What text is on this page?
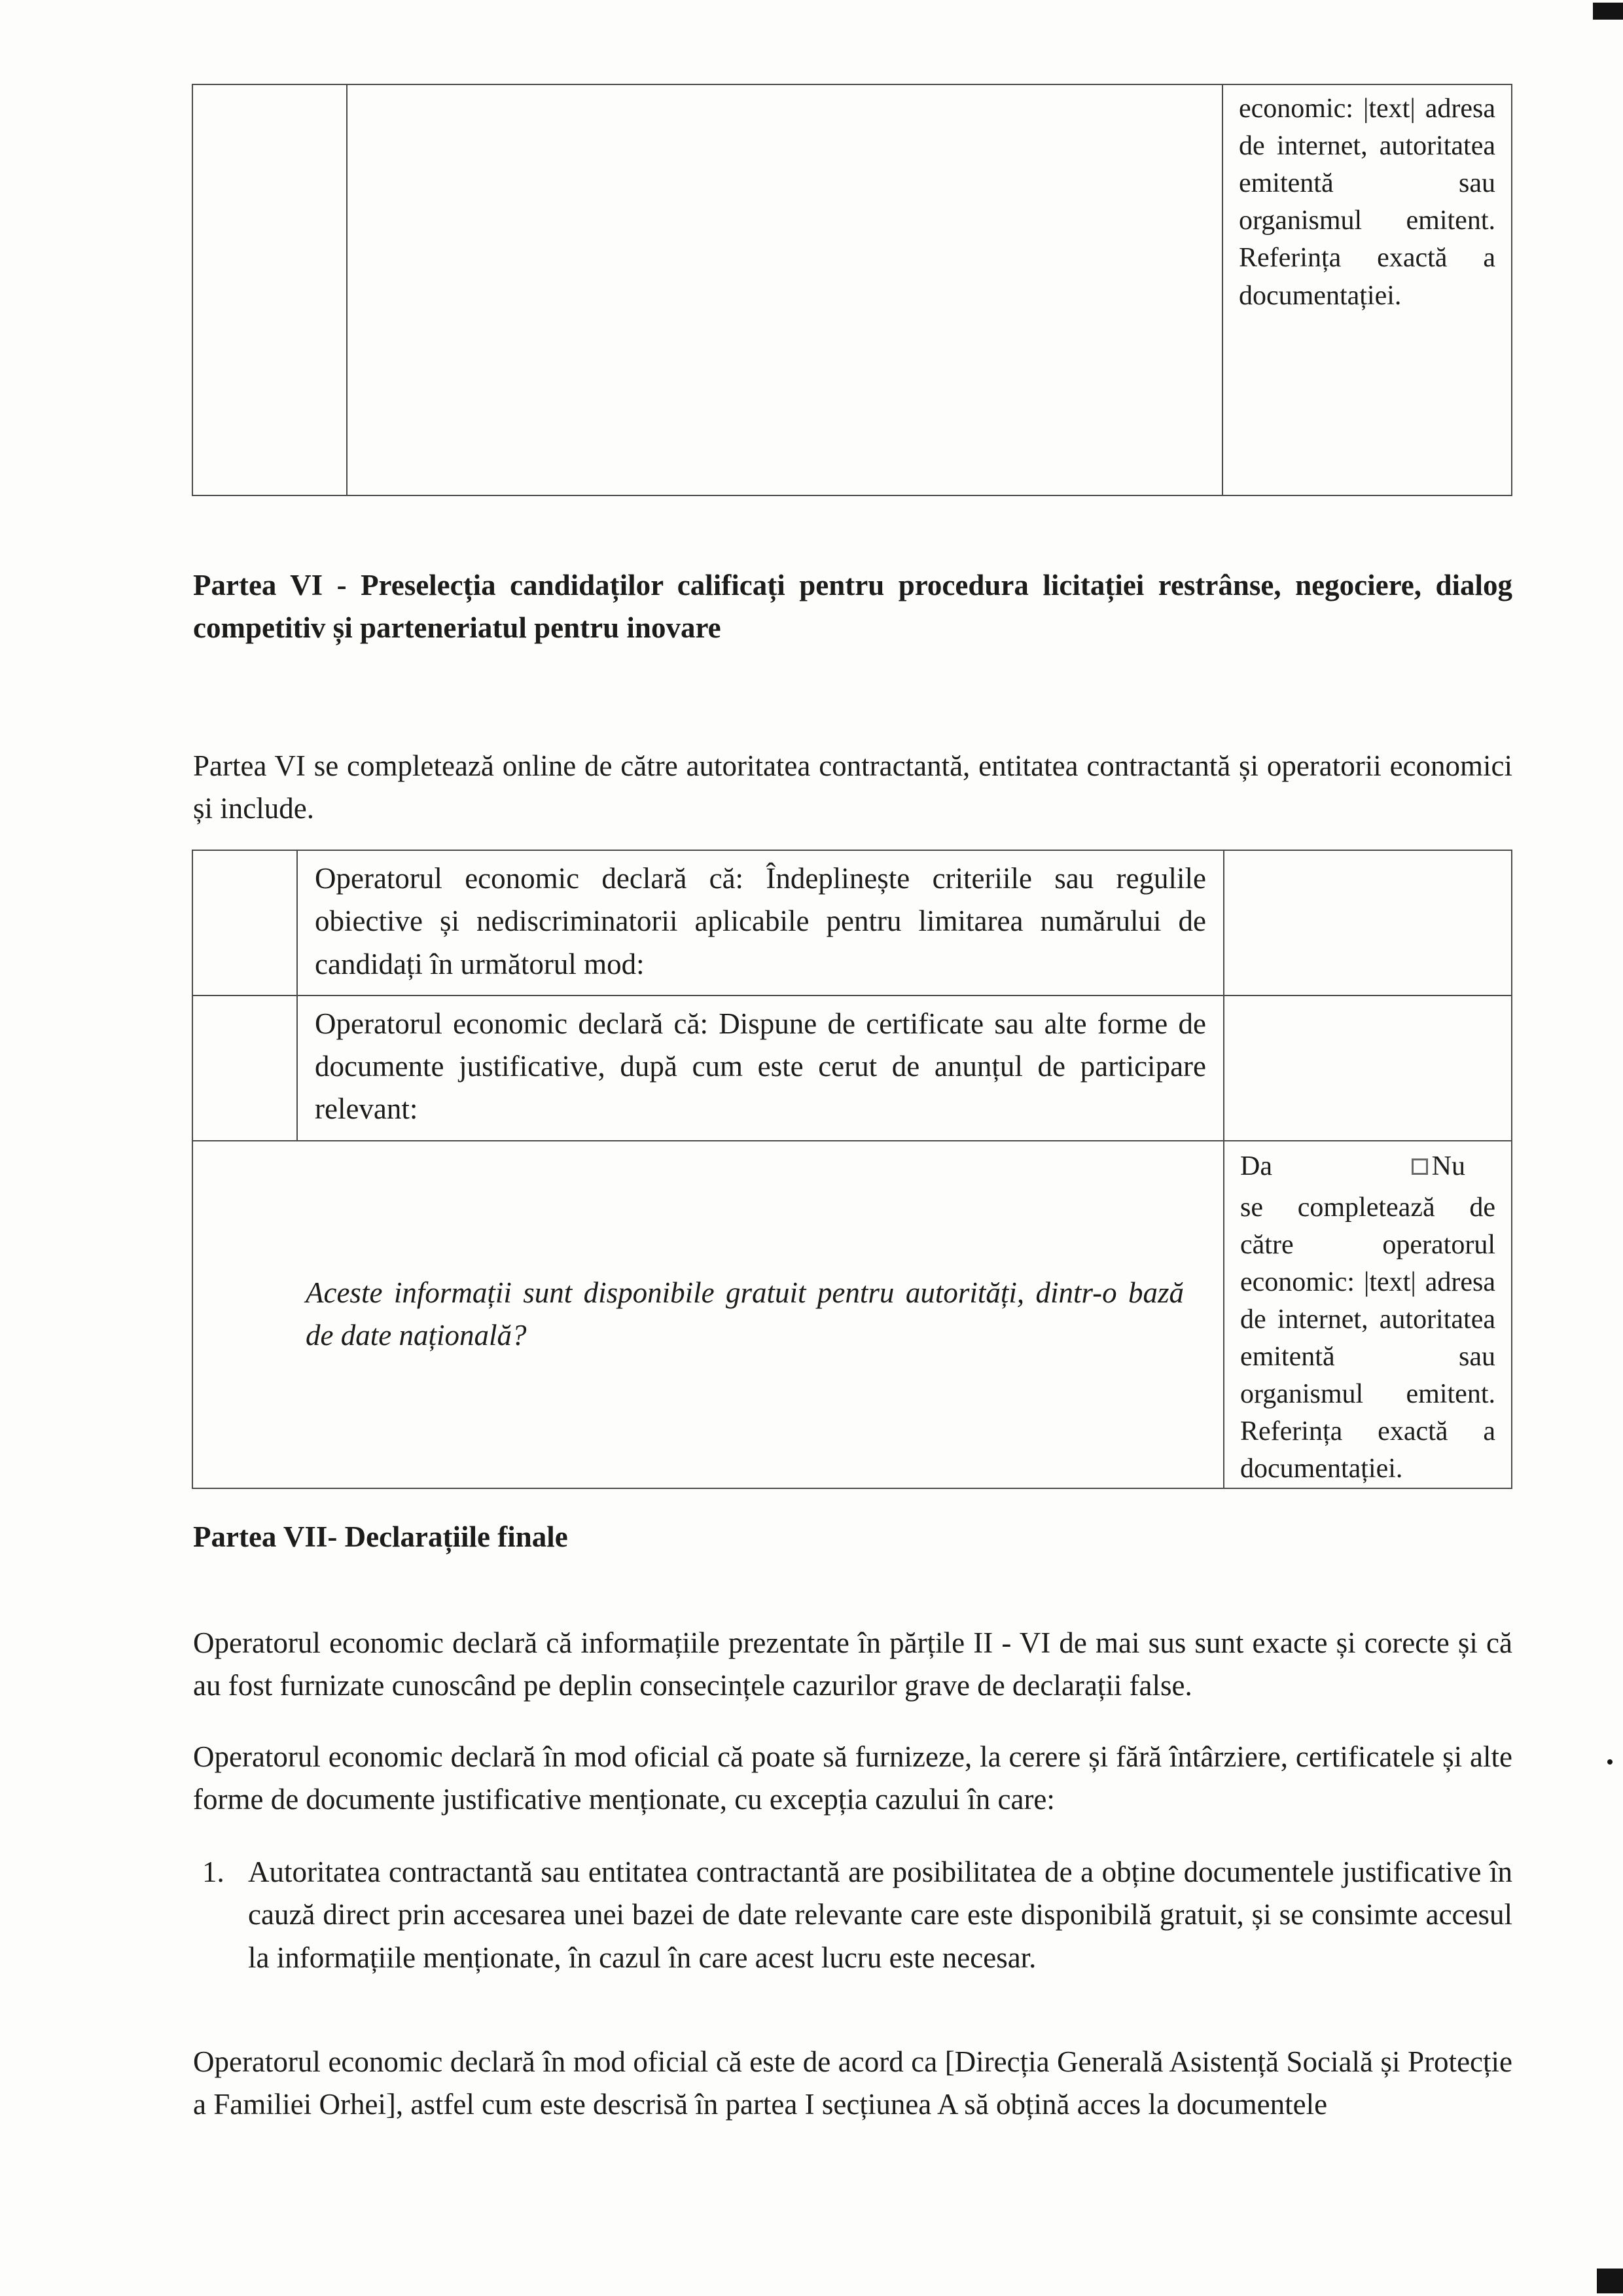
economic: |text| adresa de internet, autoritatea emitentă sau organismul emitent. Referința exactă a documentației.
Partea VI - Preselecția candidaților calificați pentru procedura licitației restrânse, negociere, dialog competitiv și parteneriatul pentru inovare
Partea VI se completează online de către autoritatea contractantă, entitatea contractantă și operatorii economici și include.
Operatorul economic declară că: Îndeplinește criteriile sau regulile obiective și nediscriminatorii aplicabile pentru limitarea numărului de candidați în următorul mod:
Operatorul economic declară că: Dispune de certificate sau alte forme de documente justificative, după cum este cerut de anunțul de participare relevant:
Aceste informații sunt disponibile gratuit pentru autorități, dintr-o bază de date națională?
Da	Nu
se completează de către operatorul economic: |text| adresa de internet, autoritatea emitentă sau organismul emitent. Referința exactă a documentației.
Partea VII- Declarațiile finale
Operatorul economic declară că informațiile prezentate în părțile II - VI de mai sus sunt exacte și corecte și că au fost furnizate cunoscând pe deplin consecințele cazurilor grave de declarații false.
Operatorul economic declară în mod oficial că poate să furnizeze, la cerere și fără întârziere, certificatele și alte forme de documente justificative menționate, cu excepția cazului în care:
1. Autoritatea contractantă sau entitatea contractantă are posibilitatea de a obține documentele justificative în cauză direct prin accesarea unei bazei de date relevante care este disponibilă gratuit, și se consimte accesul la informațiile menționate, în cazul în care acest lucru este necesar.
Operatorul economic declară în mod oficial că este de acord ca [Direcția Generală Asistență Socială și Protecție a Familiei Orhei], astfel cum este descrisă în partea I secțiunea A să obțină acces la documentele
